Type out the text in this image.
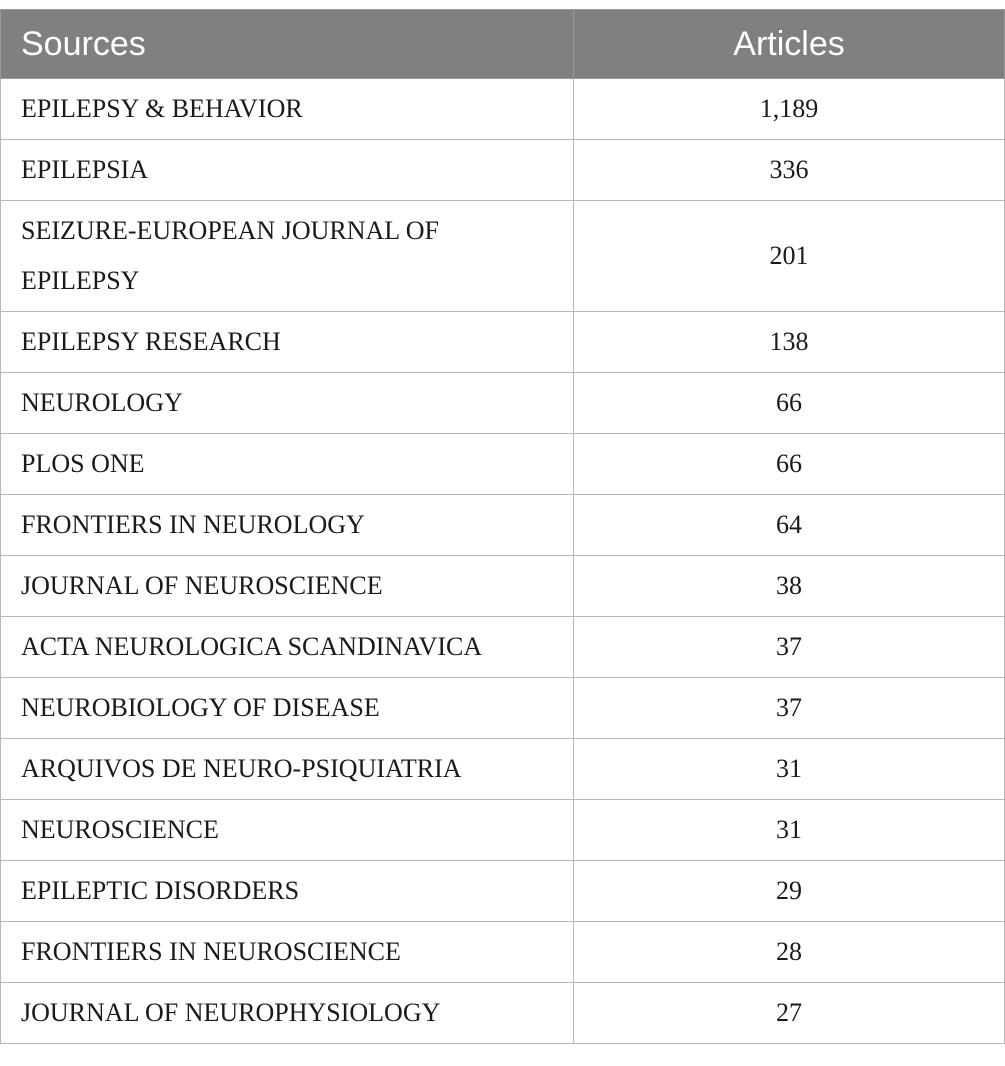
Sources	Articles
EPILEPSY & BEHAVIOR	1,189
EPILEPSIA	336
SEIZURE-EUROPEAN JOURNAL OF EPILEPSY	201
EPILEPSY RESEARCH	138
NEUROLOGY	66
PLOS ONE	66
FRONTIERS IN NEUROLOGY	64
JOURNAL OF NEUROSCIENCE	38
ACTA NEUROLOGICA SCANDINAVICA	37
NEUROBIOLOGY OF DISEASE	37
ARQUIVOS DE NEURO-PSIQUIATRIA	31
NEUROSCIENCE	31
EPILEPTIC DISORDERS	29
FRONTIERS IN NEUROSCIENCE	28
JOURNAL OF NEUROPHYSIOLOGY	27
